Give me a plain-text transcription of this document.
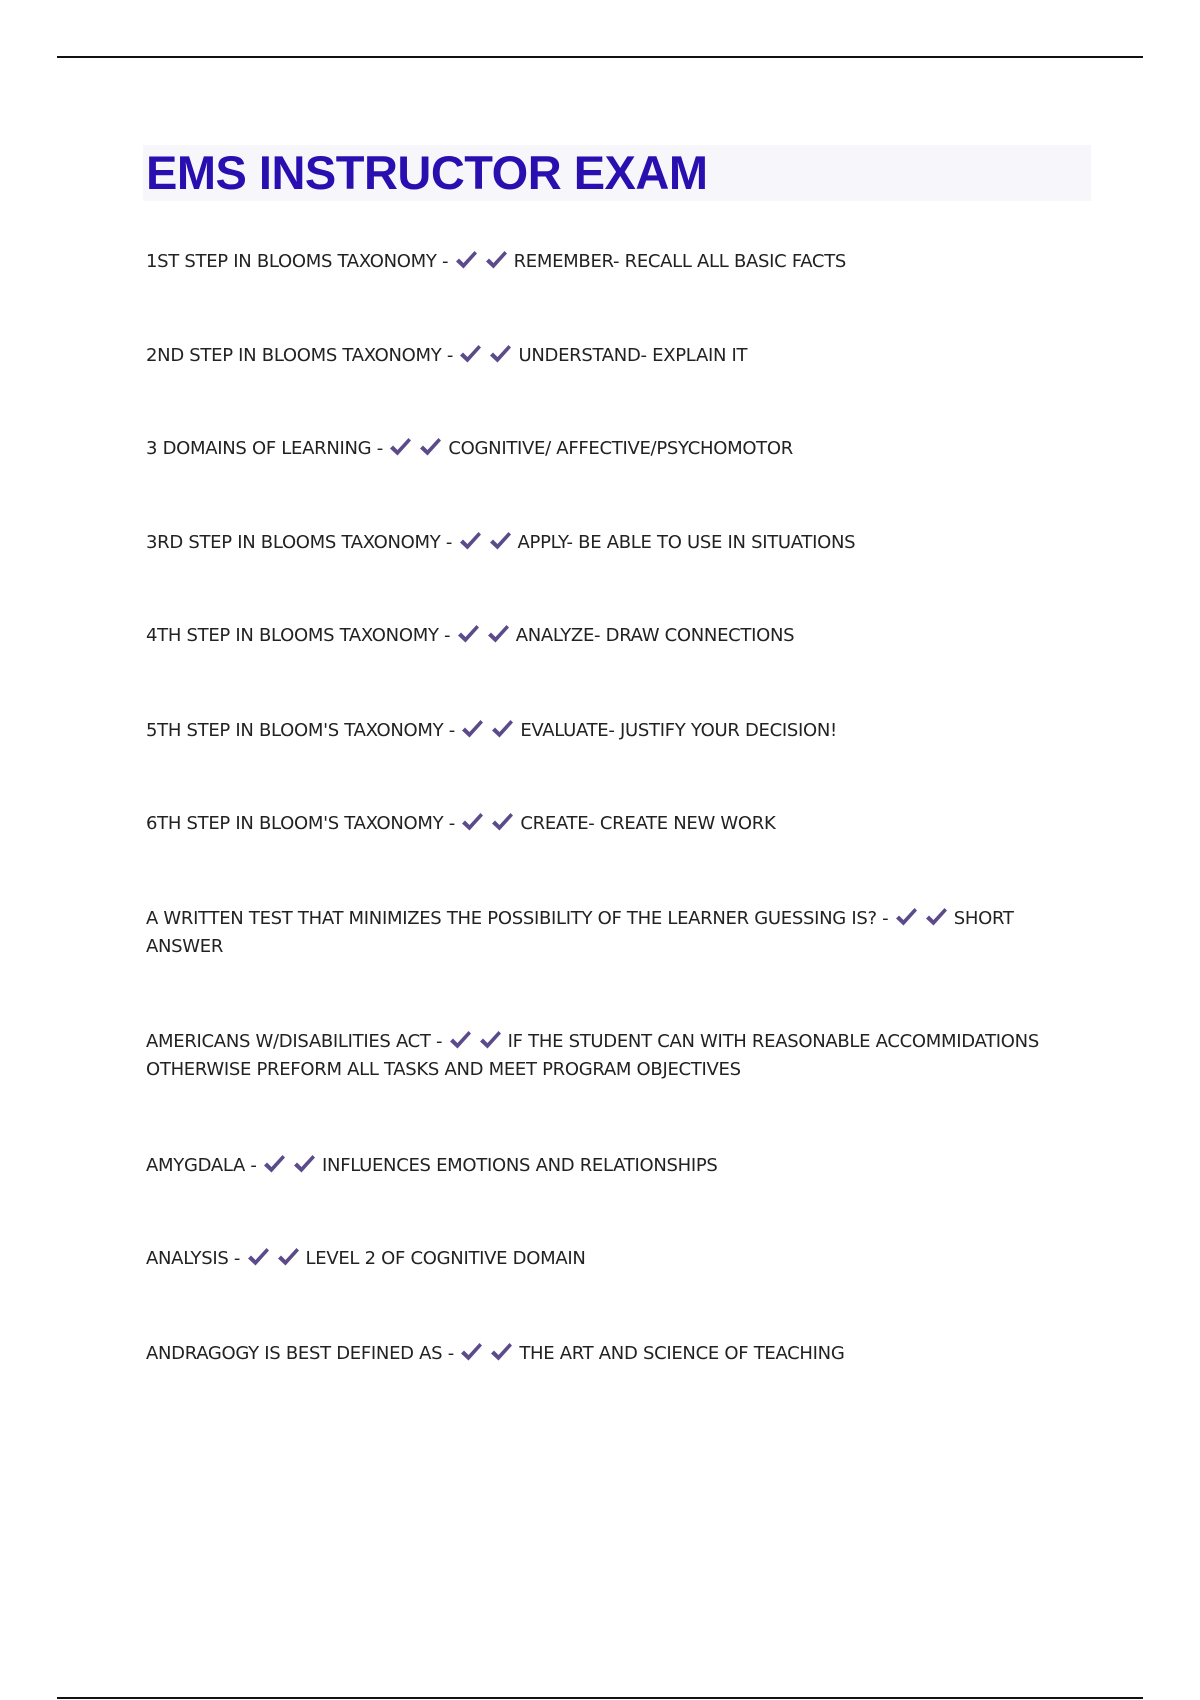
EMS INSTRUCTOR EXAM
1ST STEP IN BLOOMS TAXONOMY -	REMEMBER- RECALL ALL BASIC FACTS
2ND STEP IN BLOOMS TAXONOMY -	UNDERSTAND- EXPLAIN IT
3 DOMAINS OF LEARNING -	COGNITIVE/ AFFECTIVE/PSYCHOMOTOR
3RD STEP IN BLOOMS TAXONOMY -	APPLY- BE ABLE TO USE IN SITUATIONS
4TH STEP IN BLOOMS TAXONOMY -	ANALYZE- DRAW CONNECTIONS
5TH STEP IN BLOOM'S TAXONOMY -	EVALUATE- JUSTIFY YOUR DECISION!
6TH STEP IN BLOOM'S TAXONOMY -	CREATE- CREATE NEW WORK
A WRITTEN TEST THAT MINIMIZES THE POSSIBILITY OF THE LEARNER GUESSING IS? -	SHORT ANSWER
AMERICANS W/DISABILITIES ACT -	IF THE STUDENT CAN WITH REASONABLE ACCOMMIDATIONS OTHERWISE PREFORM ALL TASKS AND MEET PROGRAM OBJECTIVES
AMYGDALA -	INFLUENCES EMOTIONS AND RELATIONSHIPS
ANALYSIS -	LEVEL 2 OF COGNITIVE DOMAIN
ANDRAGOGY IS BEST DEFINED AS -	THE ART AND SCIENCE OF TEACHING
